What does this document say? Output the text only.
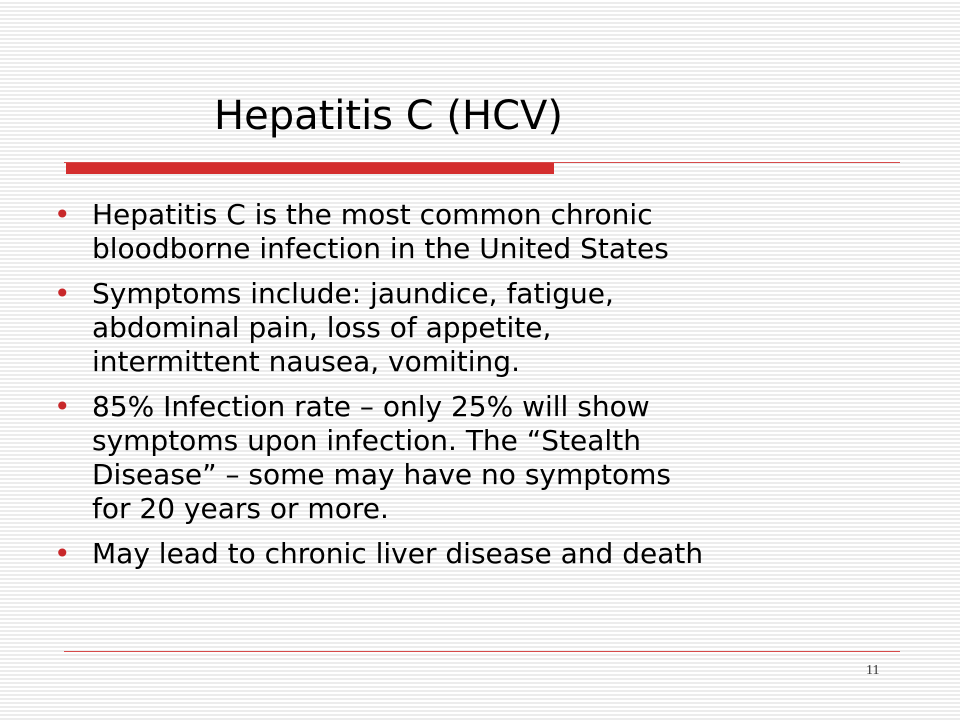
Hepatitis C (HCV)
• Hepatitis C is the most common chronic
bloodborne infection in the United States
• Symptoms include: jaundice, fatigue,
abdominal pain, loss of appetite,
intermittent nausea, vomiting.
• 85% Infection rate – only 25% will show
symptoms upon infection. The “Stealth
Disease” – some may have no symptoms
for 20 years or more.
• May lead to chronic liver disease and death
11
